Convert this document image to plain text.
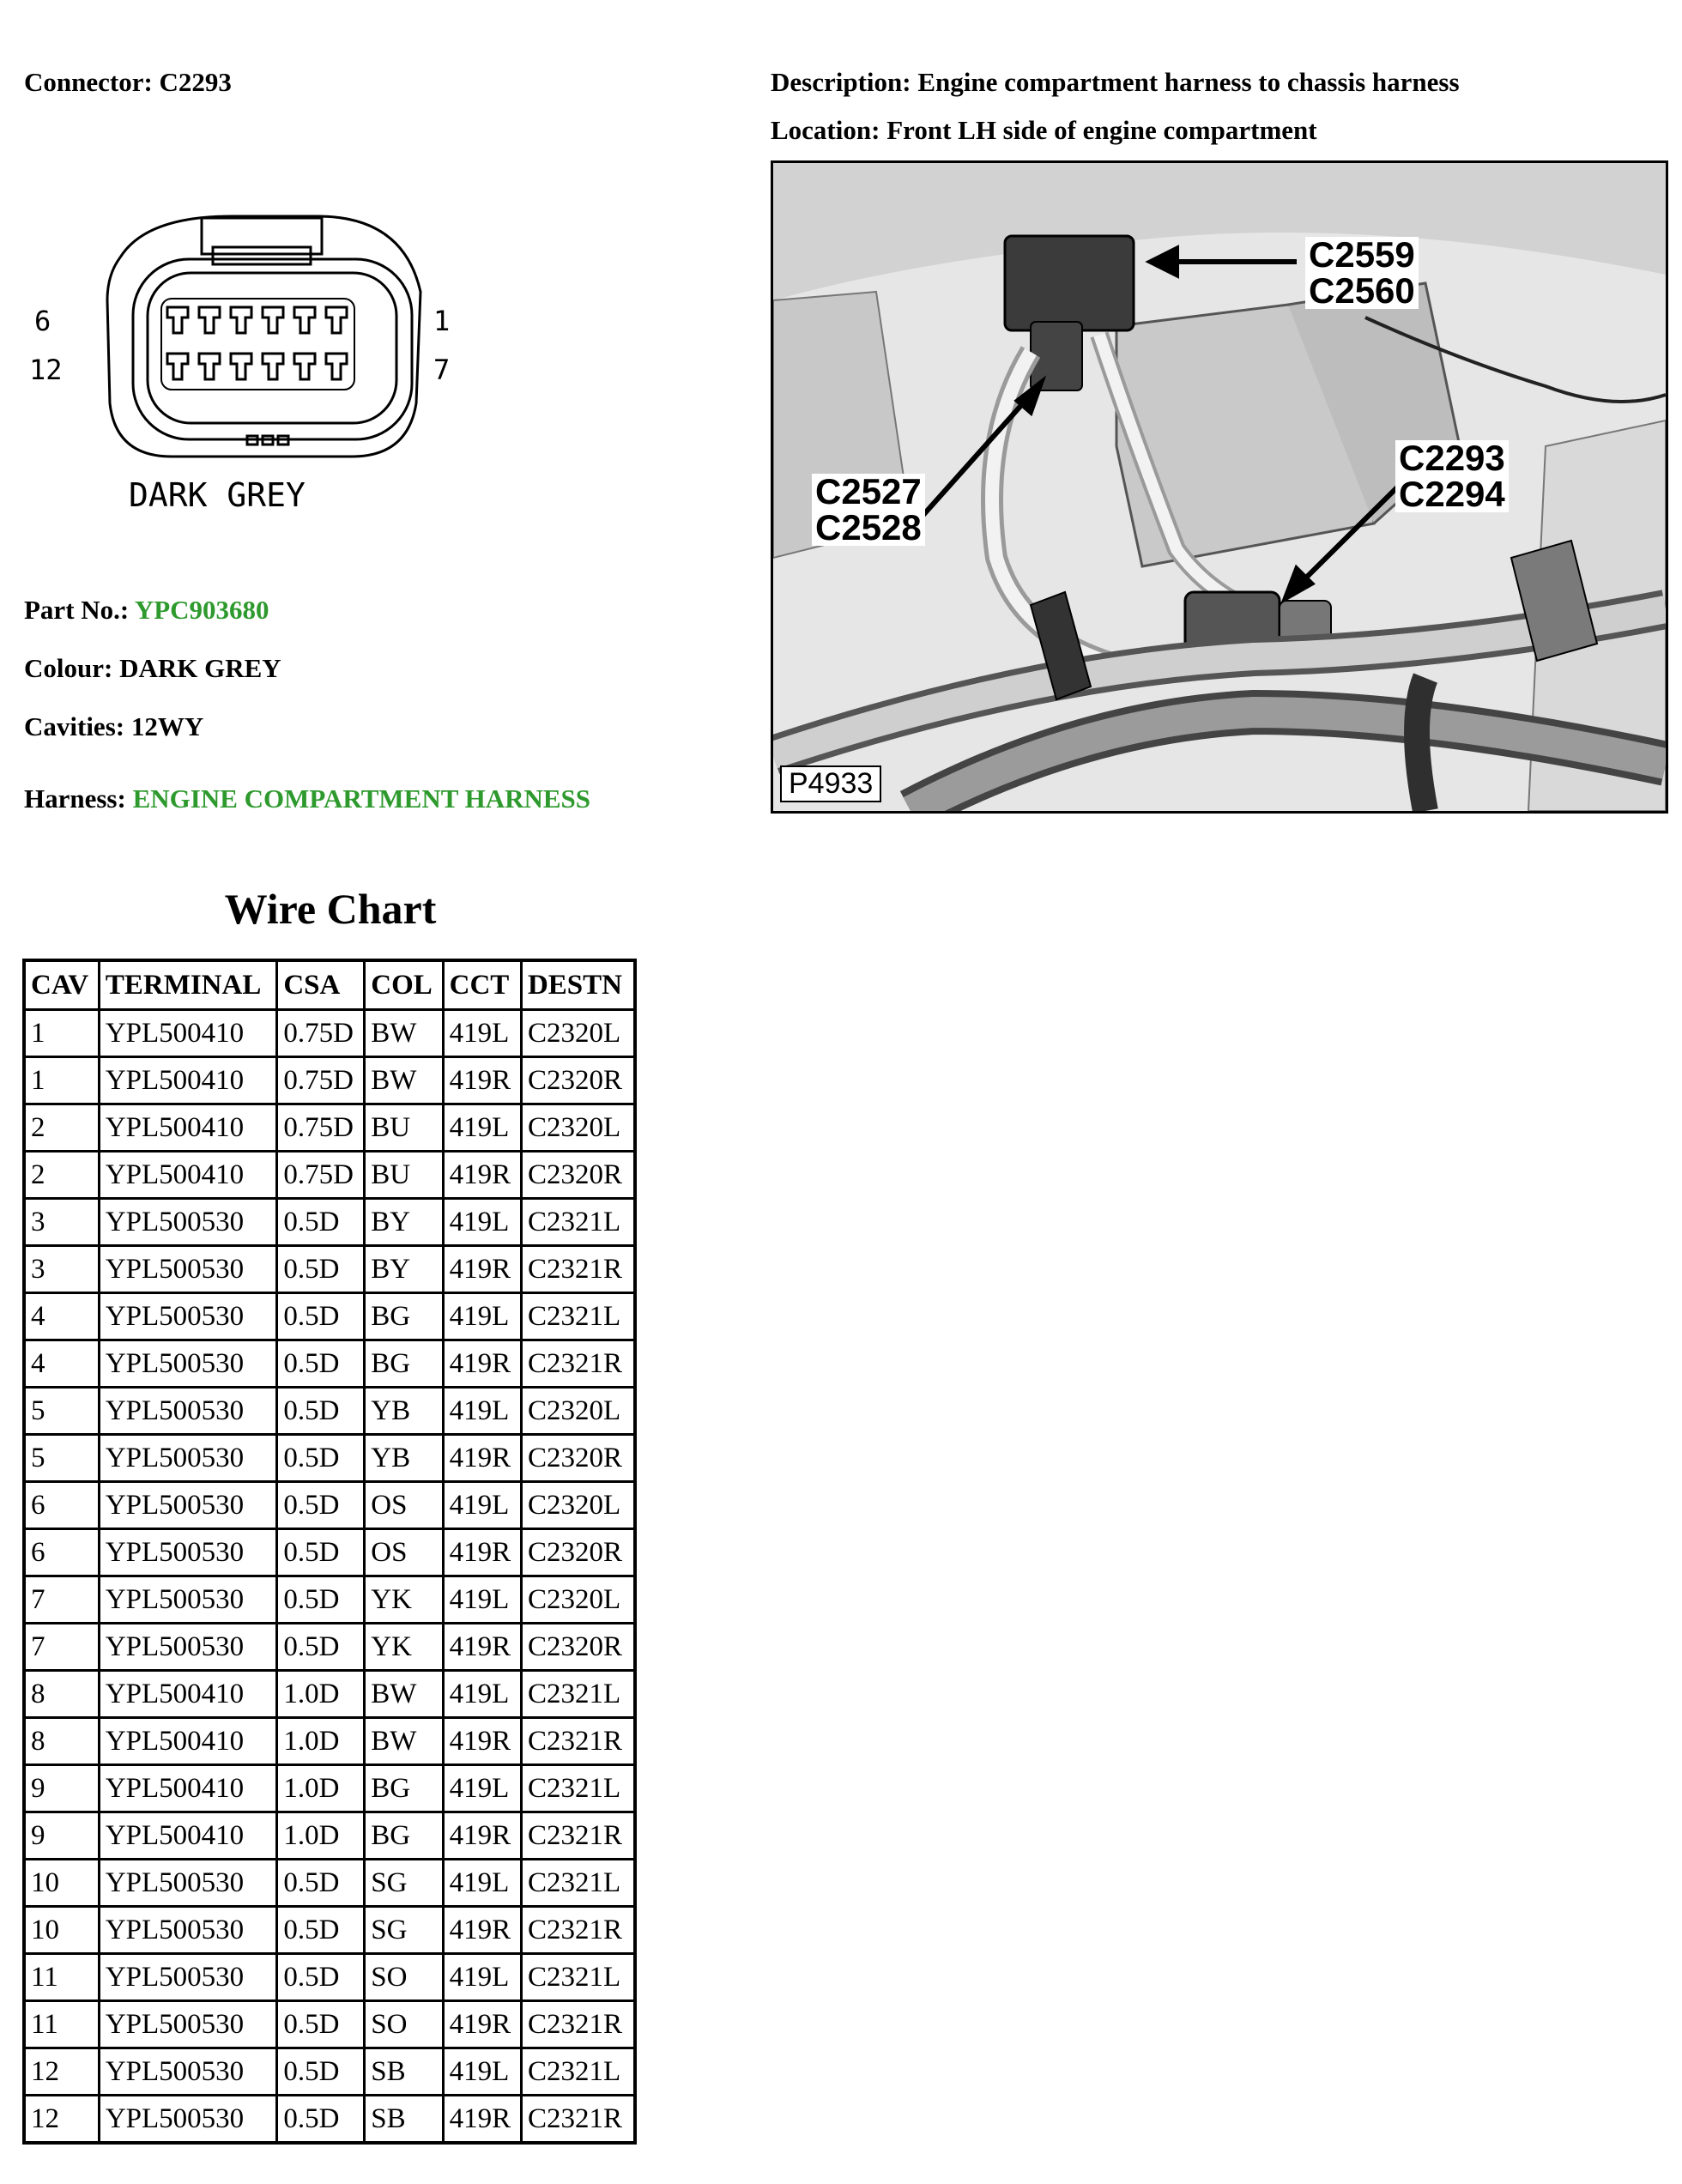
Connector: C2293	Description: Engine compartment harness to chassis harness
Location: Front LH side of engine compartment
6
12
1
7
DARK GREY
Part No.: YPC903680
Colour: DARK GREY
Cavities: 12WY
Harness: ENGINE COMPARTMENT HARNESS
C2559
C2560
C2527
C2528
C2293
C2294
P4933
Wire Chart
CAV	TERMINAL	CSA	COL	CCT	DESTN
1	YPL500410	0.75D	BW	419L	C2320L
1	YPL500410	0.75D	BW	419R	C2320R
2	YPL500410	0.75D	BU	419L	C2320L
2	YPL500410	0.75D	BU	419R	C2320R
3	YPL500530	0.5D	BY	419L	C2321L
3	YPL500530	0.5D	BY	419R	C2321R
4	YPL500530	0.5D	BG	419L	C2321L
4	YPL500530	0.5D	BG	419R	C2321R
5	YPL500530	0.5D	YB	419L	C2320L
5	YPL500530	0.5D	YB	419R	C2320R
6	YPL500530	0.5D	OS	419L	C2320L
6	YPL500530	0.5D	OS	419R	C2320R
7	YPL500530	0.5D	YK	419L	C2320L
7	YPL500530	0.5D	YK	419R	C2320R
8	YPL500410	1.0D	BW	419L	C2321L
8	YPL500410	1.0D	BW	419R	C2321R
9	YPL500410	1.0D	BG	419L	C2321L
9	YPL500410	1.0D	BG	419R	C2321R
10	YPL500530	0.5D	SG	419L	C2321L
10	YPL500530	0.5D	SG	419R	C2321R
11	YPL500530	0.5D	SO	419L	C2321L
11	YPL500530	0.5D	SO	419R	C2321R
12	YPL500530	0.5D	SB	419L	C2321L
12	YPL500530	0.5D	SB	419R	C2321R
